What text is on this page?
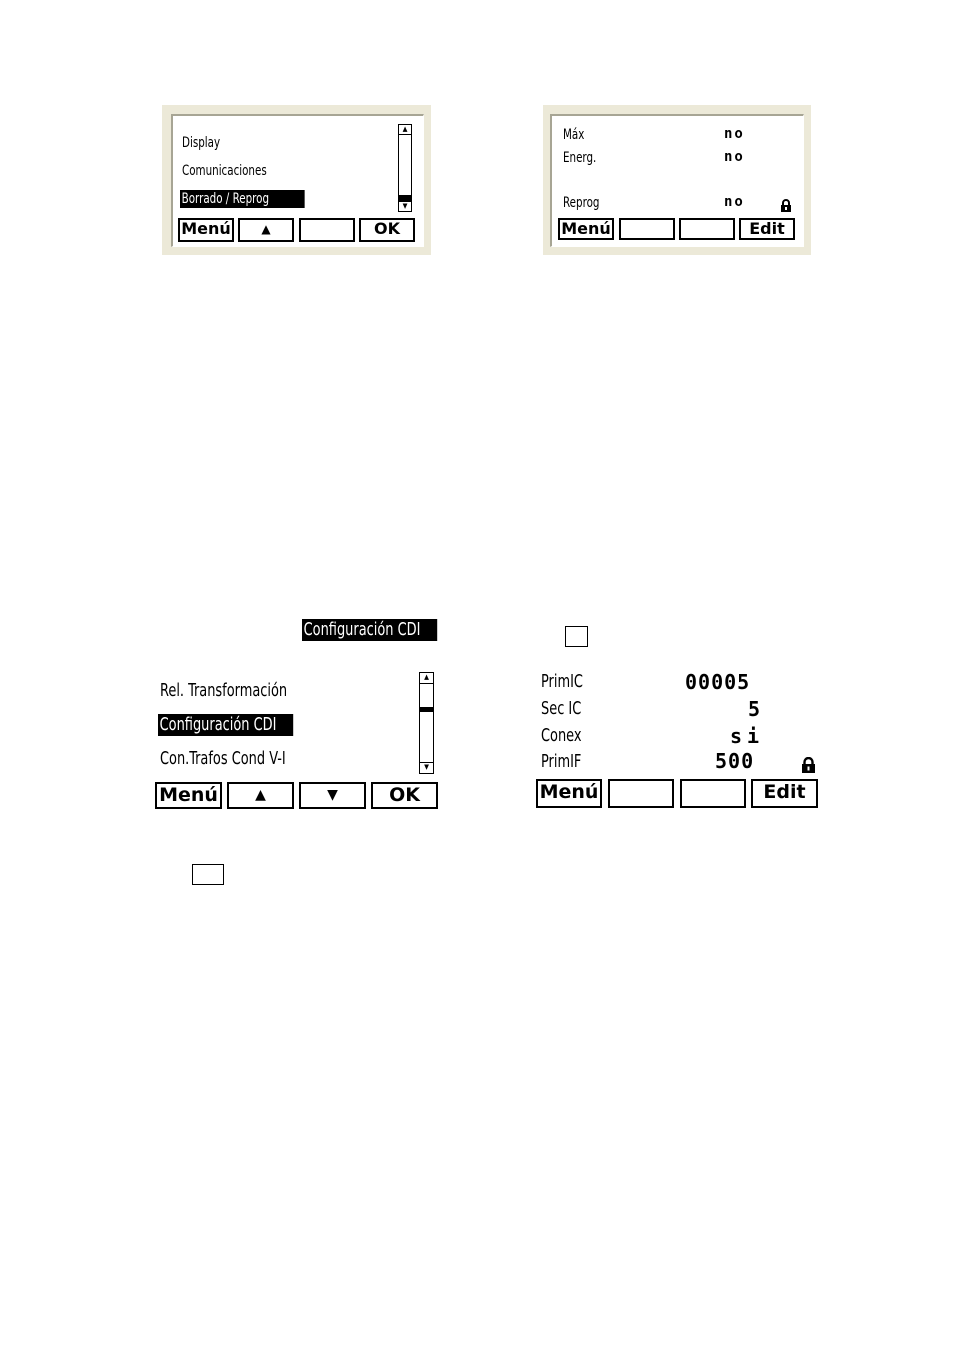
Display
Comunicaciones
Borrado / Reprog
▲
▼
Menú	▲	OK
Máx	no
Energ.	no
Reprog	no
Menú	Edit
Configuración CDI
Rel. Transformación
Configuración CDI
Con.Trafos Cond V-I
▲
▼
Menú	▲	▼	OK
PrimIC	00005
Sec IC	5
Conex	si
PrimIF	500
Menú	Edit
